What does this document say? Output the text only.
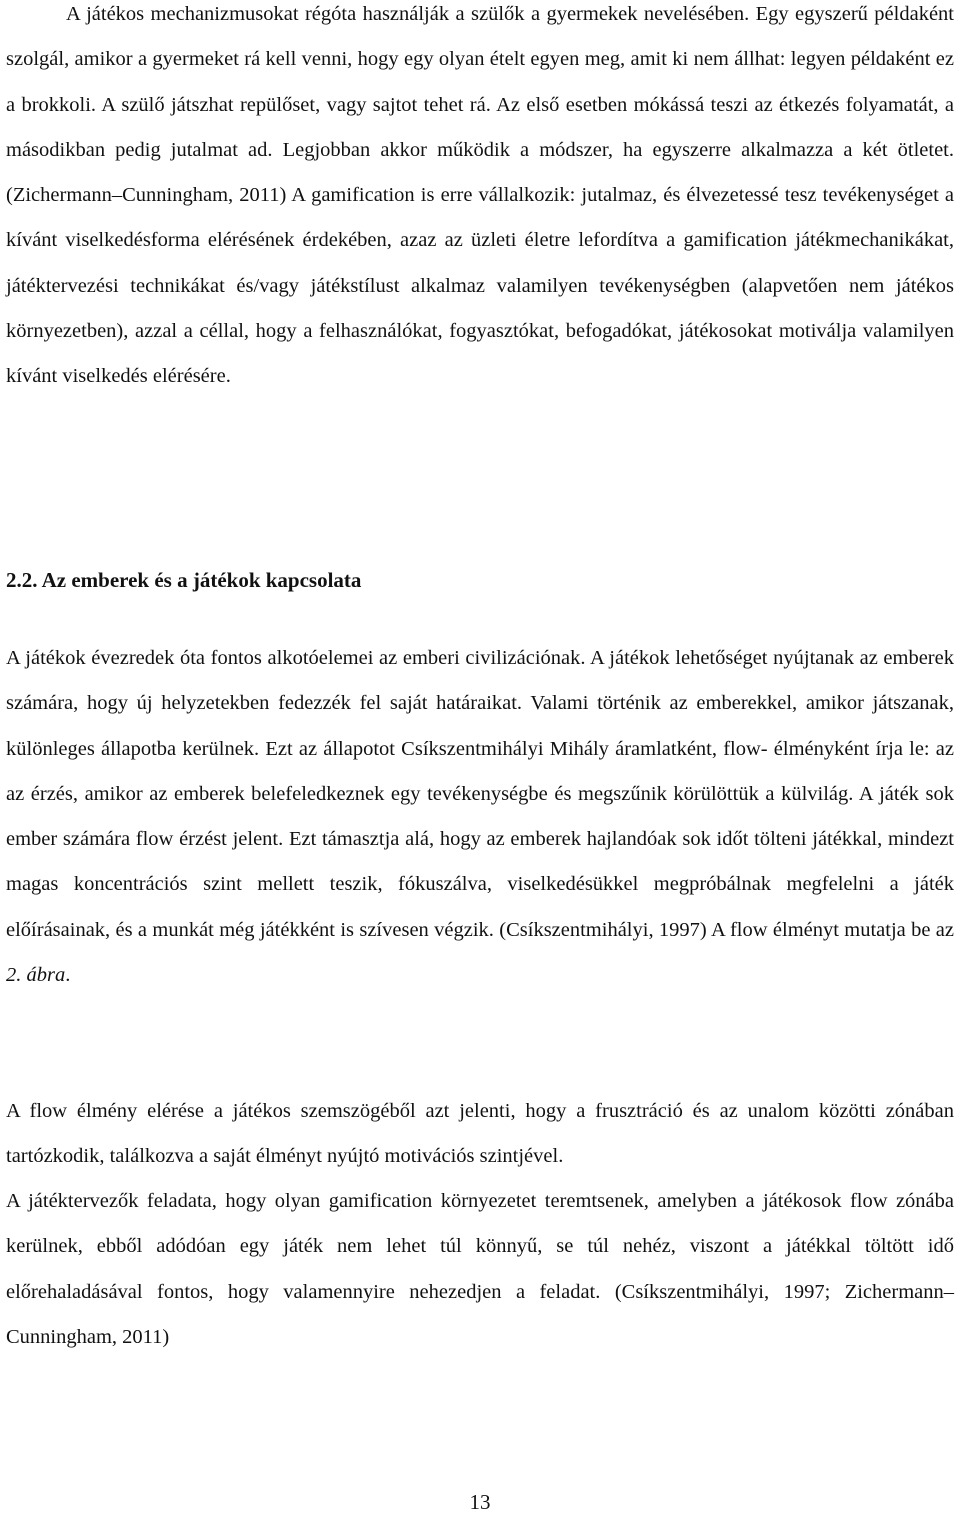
A játékos mechanizmusokat régóta használják a szülők a gyermekek nevelésében. Egy egyszerű példaként szolgál, amikor a gyermeket rá kell venni, hogy egy olyan ételt egyen meg, amit ki nem állhat: legyen példaként ez a brokkoli. A szülő játszhat repülőset, vagy sajtot tehet rá. Az első esetben mókássá teszi az étkezés folyamatát, a másodikban pedig jutalmat ad. Legjobban akkor működik a módszer, ha egyszerre alkalmazza a két ötletet. (Zichermann–Cunningham, 2011) A gamification is erre vállalkozik: jutalmaz, és élvezetessé tesz tevékenységet a kívánt viselkedésforma elérésének érdekében, azaz az üzleti életre lefordítva a gamification játékmechanikákat, játéktervezési technikákat és/vagy játékstílust alkalmaz valamilyen tevékenységben (alapvetően nem játékos környezetben), azzal a céllal, hogy a felhasználókat, fogyasztókat, befogadókat, játékosokat motiválja valamilyen kívánt viselkedés elérésére.

2.2. Az emberek és a játékok kapcsolata

A játékok évezredek óta fontos alkotóelemei az emberi civilizációnak. A játékok lehetőséget nyújtanak az emberek számára, hogy új helyzetekben fedezzék fel saját határaikat. Valami történik az emberekkel, amikor játszanak, különleges állapotba kerülnek. Ezt az állapotot Csíkszentmihályi Mihály áramlatként, flow- élményként írja le: az az érzés, amikor az emberek belefeledkeznek egy tevékenységbe és megszűnik körülöttük a külvilág. A játék sok ember számára flow érzést jelent. Ezt támasztja alá, hogy az emberek hajlandóak sok időt tölteni játékkal, mindezt magas koncentrációs szint mellett teszik, fókuszálva, viselkedésükkel megpróbálnak megfelelni a játék előírásainak, és a munkát még játékként is szívesen végzik. (Csíkszentmihályi, 1997) A flow élményt mutatja be az 2. ábra.

A flow élmény elérése a játékos szemszögéből azt jelenti, hogy a frusztráció és az unalom közötti zónában tartózkodik, találkozva a saját élményt nyújtó motivációs szintjével.

A játéktervezők feladata, hogy olyan gamification környezetet teremtsenek, amelyben a játékosok flow zónába kerülnek, ebből adódóan egy játék nem lehet túl könnyű, se túl nehéz, viszont a játékkal töltött idő előrehaladásával fontos, hogy valamennyire nehezedjen a feladat. (Csíkszentmihályi, 1997; Zichermann–Cunningham, 2011)

13
